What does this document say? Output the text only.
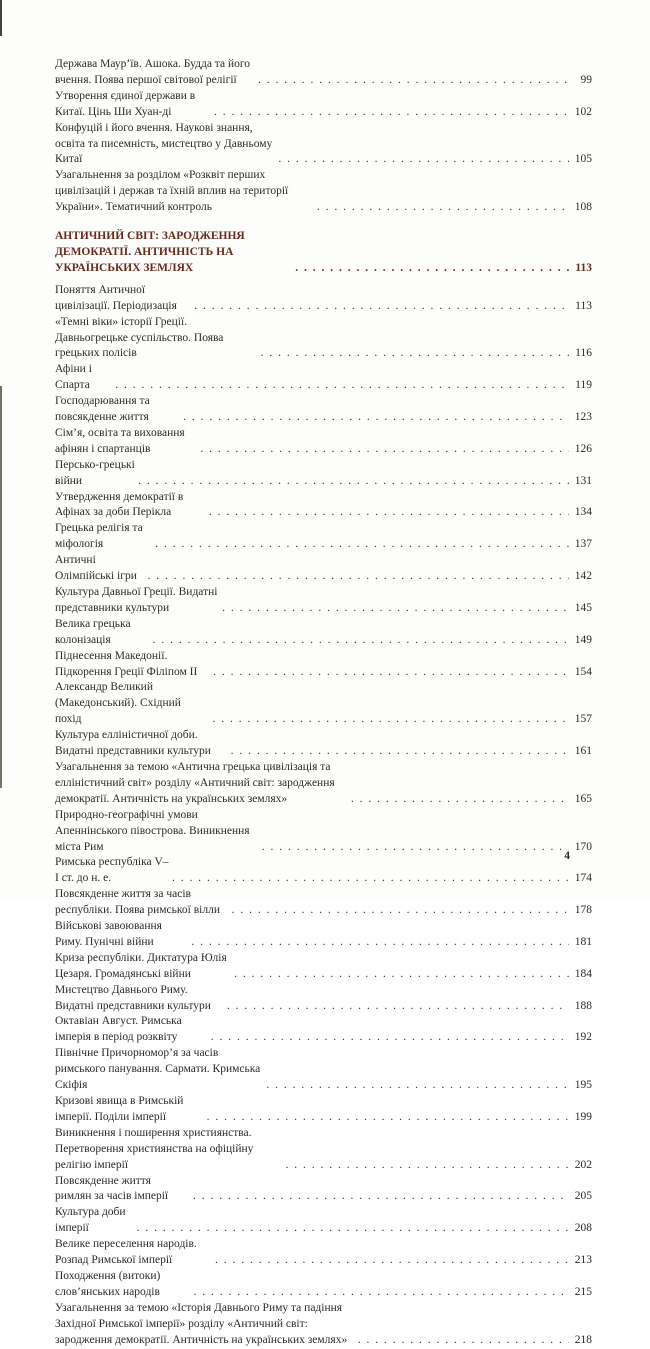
Держава Маур’їв. Ашока. Будда та його вчення. Поява першої світової релігії . . .	99
Утворення єдиної держави в Китаї. Цінь Ши Хуан-ді . . .	102
Конфуцій і його вчення. Наукові знання, освіта та писемність, мистецтво у Давньому Китаї . . .	105
Узагальнення за розділом «Розквіт перших цивілізацій і держав та їхній вплив на території України». Тематичний контроль . . .	108
АНТИЧНИЙ СВІТ: ЗАРОДЖЕННЯ ДЕМОКРАТІЇ. АНТИЧНІСТЬ НА УКРАЇНСЬКИХ ЗЕМЛЯХ . . .	113
Поняття Античної цивілізації. Періодизація . . .	113
«Темні віки» історії Греції. Давньогрецьке суспільство. Поява грецьких полісів . . .	116
Афіни і Спарта . . .	119
Господарювання та повсякденне життя . . .	123
Сім’я, освіта та виховання афінян і спартанців . . .	126
Персько-грецькі війни . . .	131
Утвердження демократії в Афінах за доби Перікла . . .	134
Грецька релігія та міфологія . . .	137
Античні Олімпійські ігри . . .	142
Культура Давньої Греції. Видатні представники культури . . .	145
Велика грецька колонізація . . .	149
Піднесення Македонії. Підкорення Греції Філіпом II . . .	154
Александр Великий (Македонський). Східний похід . . .	157
Культура елліністичної доби. Видатні представники культури . . .	161
Узагальнення за темою «Антична грецька цивілізація та елліністичний світ» розділу «Античний світ: зародження демократії. Античність на українських землях» . . .	165
Природно-географічні умови Апеннінського півострова. Виникнення міста Рим . . .	170
Римська республіка V–I ст. до н. е. . . .	174
Повсякденне життя за часів республіки. Поява римської вілли . . .	178
Військові завоювання Риму. Пунічні війни . . .	181
Криза республіки. Диктатура Юлія Цезаря. Громадянські війни . . .	184
Мистецтво Давнього Риму. Видатні представники культури . . .	188
Октавіан Август. Римська імперія в період розквіту . . .	192
Північне Причорномор’я за часів римського панування. Сармати. Кримська Скіфія . . .	195
Кризові явища в Римській імперії. Поділи імперії . . .	199
Виникнення і поширення християнства. Перетворення християнства на офіційну релігію імперії . . .	202
Повсякденне життя римлян за часів імперії . . .	205
Культура доби імперії . . .	208
Велике переселення народів. Розпад Римської імперії . . .	213
Походження (витоки) слов’янських народів . . .	215
Узагальнення за темою «Історія Давнього Риму та падіння Західної Римської імперії» розділу «Античний світ: зародження демократії. Античність на українських землях» . . .	218
4
